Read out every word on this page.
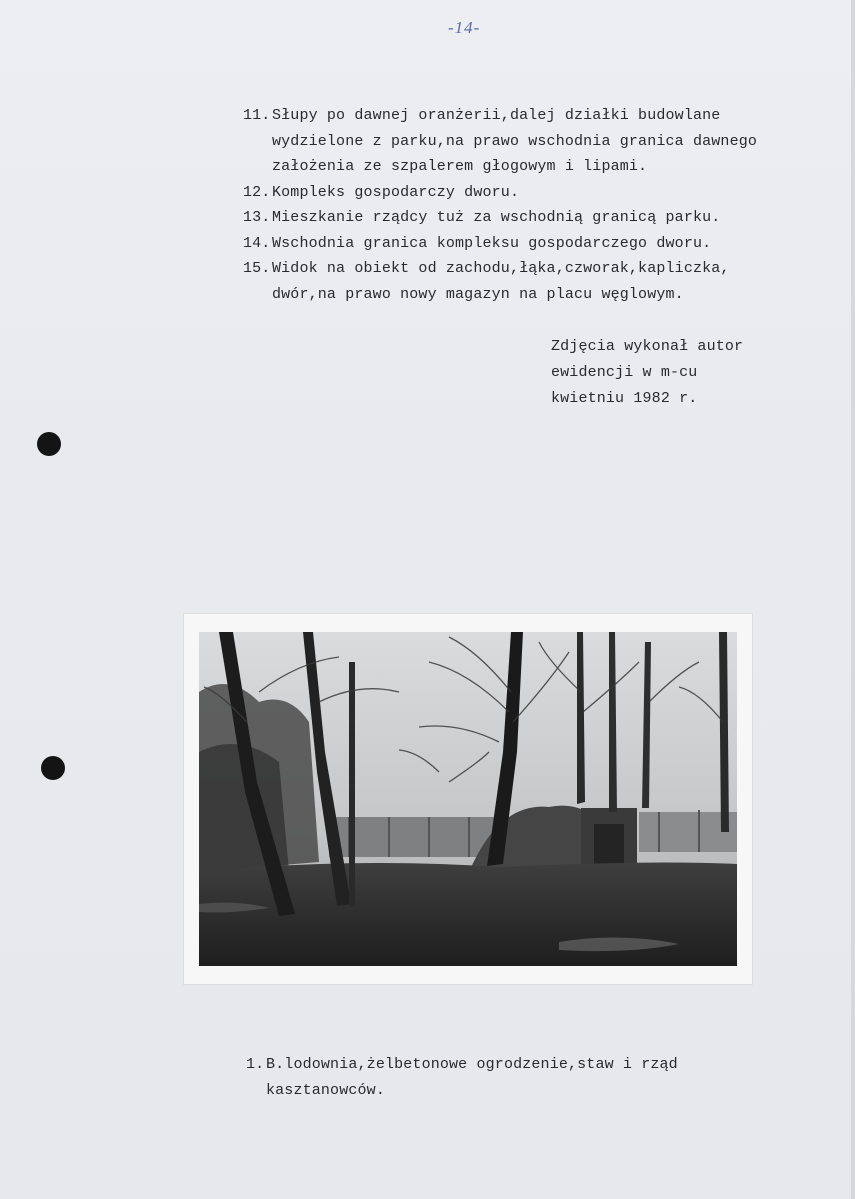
-14-
11. Słupy po dawnej oranżerii,dalej działki budowlane
wydzielone z parku,na prawo wschodnia granica dawnego
założenia ze szpalerem głogowym i lipami.
12. Kompleks gospodarczy dworu.
13. Mieszkanie rządcy tuż za wschodnią granicą parku.
14. Wschodnia granica kompleksu gospodarczego dworu.
15. Widok na obiekt od zachodu,łąka,czworak,kapliczka,
dwór,na prawo nowy magazyn na placu węglowym.
Zdjęcia wykonał autor
ewidencji w m-cu
kwietniu 1982 r.
1. B.lodownia,żelbetonowe ogrodzenie,staw i rząd
kasztanowców.
